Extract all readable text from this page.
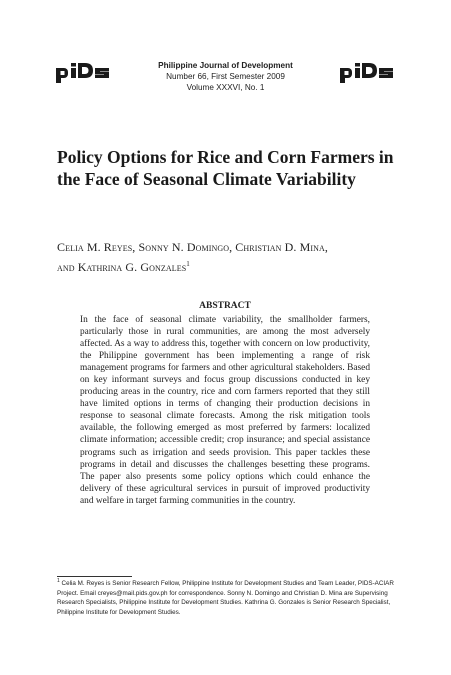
Philippine Journal of Development
Number 66, First Semester 2009
Volume XXXVI, No. 1
Policy Options for Rice and Corn Farmers in the Face of Seasonal Climate Variability
Celia M. Reyes, Sonny N. Domingo, Christian D. Mina,
and Kathrina G. Gonzales$^1$
ABSTRACT

In the face of seasonal climate variability, the smallholder farmers, particularly those in rural communities, are among the most adversely affected. As a way to address this, together with concern on low productivity, the Philippine government has been implementing a range of risk management programs for farmers and other agricultural stakeholders. Based on key informant surveys and focus group discussions conducted in key producing areas in the country, rice and corn farmers reported that they still have limited options in terms of changing their production decisions in response to seasonal climate forecasts. Among the risk mitigation tools available, the following emerged as most preferred by farmers: localized climate information; accessible credit; crop insurance; and special assistance programs such as irrigation and seeds provision. This paper tackles these programs in detail and discusses the challenges besetting these programs. The paper also presents some policy options which could enhance the delivery of these agricultural services in pursuit of improved productivity and welfare in target farming communities in the country.

$^1$ Celia M. Reyes is Senior Research Fellow, Philippine Institute for Development Studies and Team Leader, PIDS-ACIAR Project. Email creyes@mail.pids.gov.ph for correspondence. Sonny N. Domingo and Christian D. Mina are Supervising Research Specialists, Philippine Institute for Development Studies. Kathrina G. Gonzales is Senior Research Specialist, Philippine Institute for Development Studies.
